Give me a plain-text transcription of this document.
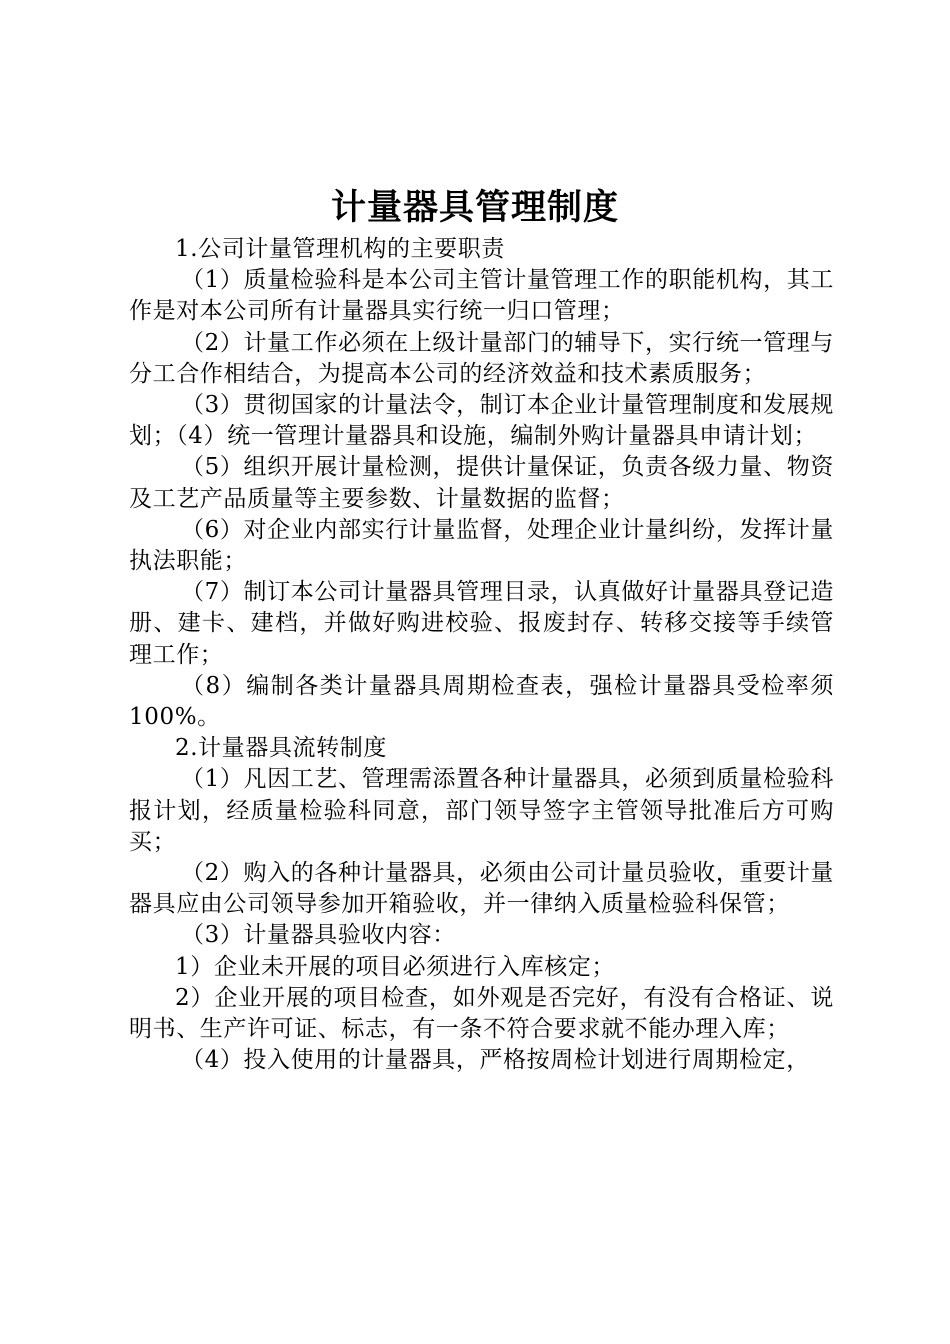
计量器具管理制度

1.公司计量管理机构的主要职责

（1）质量检验科是本公司主管计量管理工作的职能机构，其工作是对本公司所有计量器具实行统一归口管理；

（2）计量工作必须在上级计量部门的辅导下，实行统一管理与分工合作相结合，为提高本公司的经济效益和技术素质服务；

（3）贯彻国家的计量法令，制订本企业计量管理制度和发展规划；（4）统一管理计量器具和设施，编制外购计量器具申请计划；

（5）组织开展计量检测，提供计量保证，负责各级力量、物资及工艺产品质量等主要参数、计量数据的监督；

（6）对企业内部实行计量监督，处理企业计量纠纷，发挥计量执法职能；

（7）制订本公司计量器具管理目录，认真做好计量器具登记造册、建卡、建档，并做好购进校验、报废封存、转移交接等手续管理工作；

（8）编制各类计量器具周期检查表，强检计量器具受检率须100%。

2.计量器具流转制度

（1）凡因工艺、管理需添置各种计量器具，必须到质量检验科报计划，经质量检验科同意，部门领导签字主管领导批准后方可购买；

（2）购入的各种计量器具，必须由公司计量员验收，重要计量器具应由公司领导参加开箱验收，并一律纳入质量检验科保管；

（3）计量器具验收内容：

1）企业未开展的项目必须进行入库核定；

2）企业开展的项目检查，如外观是否完好，有没有合格证、说明书、生产许可证、标志，有一条不符合要求就不能办理入库；

（4）投入使用的计量器具，严格按周检计划进行周期检定，
